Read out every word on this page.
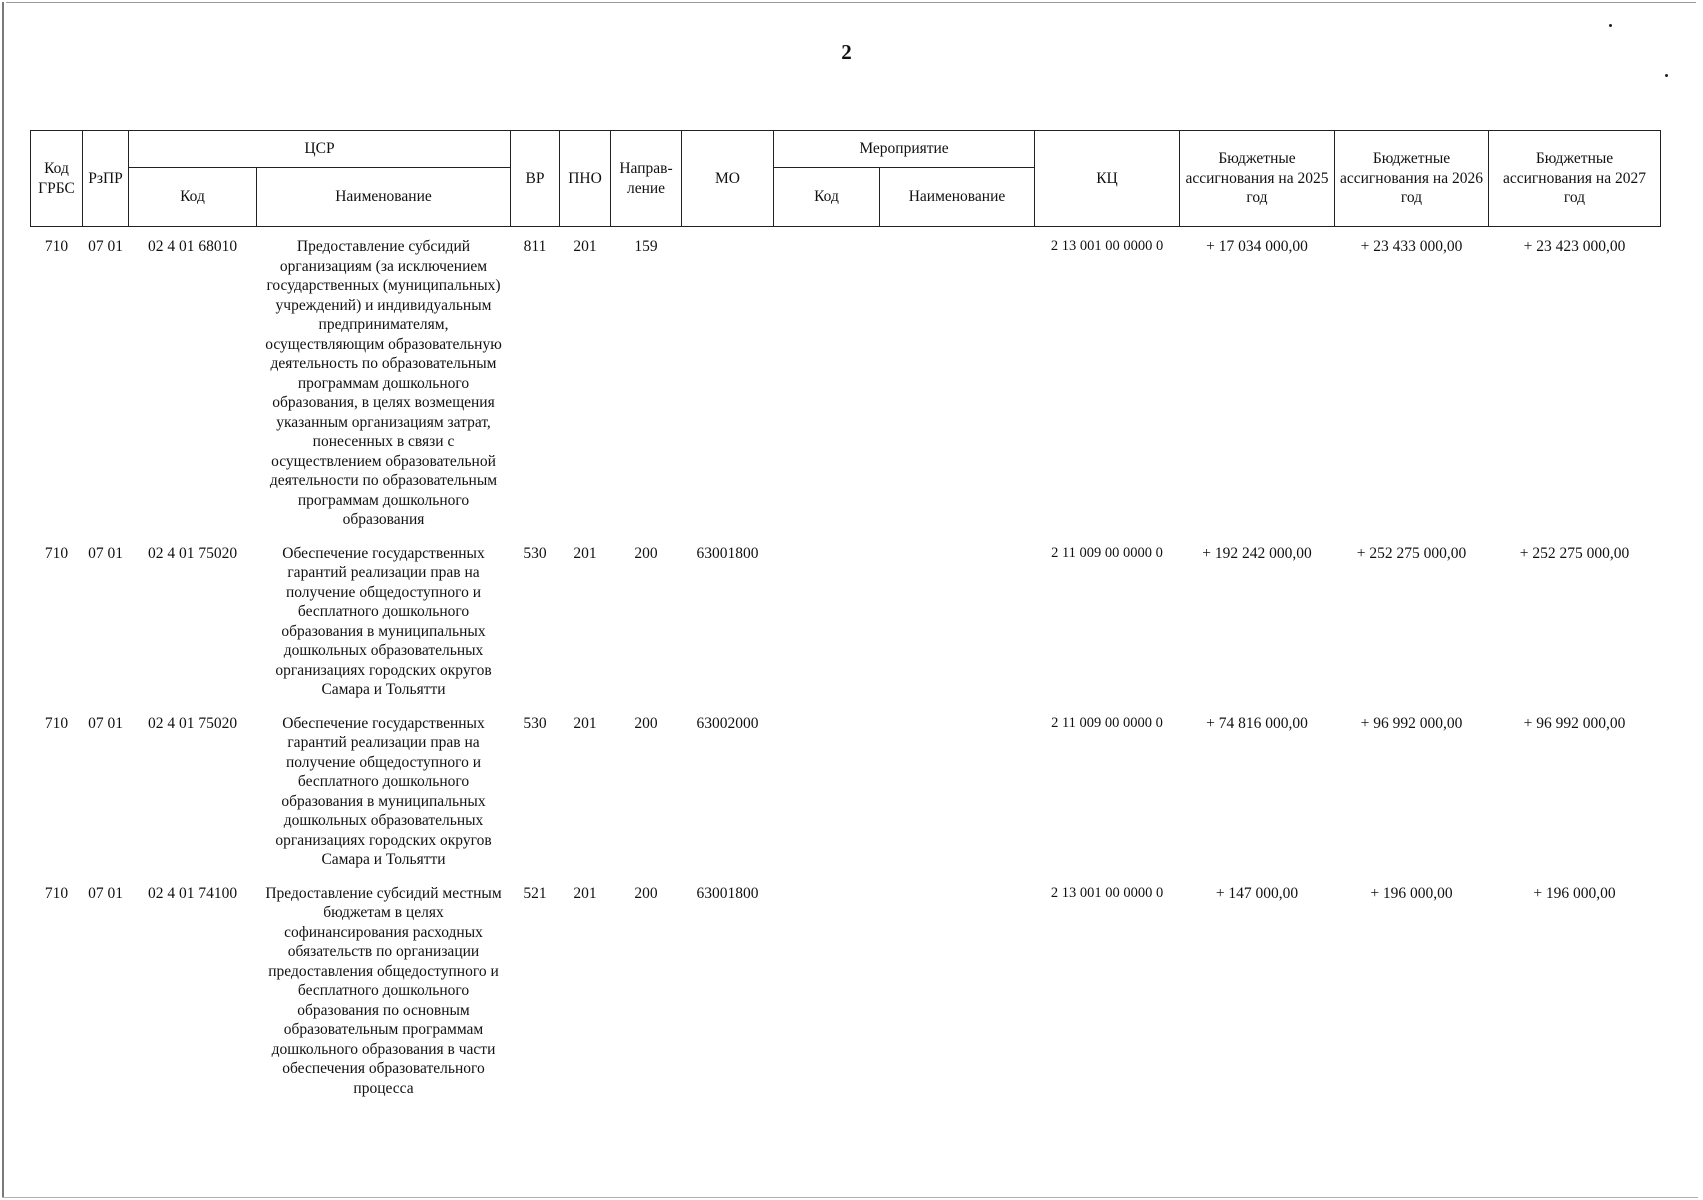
2
Код ГРБС	РзПР	ЦСР		ВР	ПНО	Направ-ление	МО	Мероприятие		КЦ	Бюджетные ассигнования на 2025 год	Бюджетные ассигнования на 2026 год	Бюджетные ассигнования на 2027 год
		Код	Наименование					Код	Наименование				
710	07 01	02 4 01 68010	Предоставление субсидий организациям (за исключением государственных (муниципальных) учреждений) и индивидуальным предпринимателям, осуществляющим образовательную деятельность по образовательным программам дошкольного образования, в целях возмещения указанным организациям затрат, понесенных в связи с осуществлением образовательной деятельности по образовательным программам дошкольного образования	811	201	159				2 13 001 00 0000 0	+ 17 034 000,00	+ 23 433 000,00	+ 23 423 000,00
710	07 01	02 4 01 75020	Обеспечение государственных гарантий реализации прав на получение общедоступного и бесплатного дошкольного образования в муниципальных дошкольных образовательных организациях городских округов Самара и Тольятти	530	201	200	63001800			2 11 009 00 0000 0	+ 192 242 000,00	+ 252 275 000,00	+ 252 275 000,00
710	07 01	02 4 01 75020	Обеспечение государственных гарантий реализации прав на получение общедоступного и бесплатного дошкольного образования в муниципальных дошкольных образовательных организациях городских округов Самара и Тольятти	530	201	200	63002000			2 11 009 00 0000 0	+ 74 816 000,00	+ 96 992 000,00	+ 96 992 000,00
710	07 01	02 4 01 74100	Предоставление субсидий местным бюджетам в целях софинансирования расходных обязательств по организации предоставления общедоступного и бесплатного дошкольного образования по основным образовательным программам дошкольного образования в части обеспечения образовательного процесса	521	201	200	63001800			2 13 001 00 0000 0	+ 147 000,00	+ 196 000,00	+ 196 000,00
